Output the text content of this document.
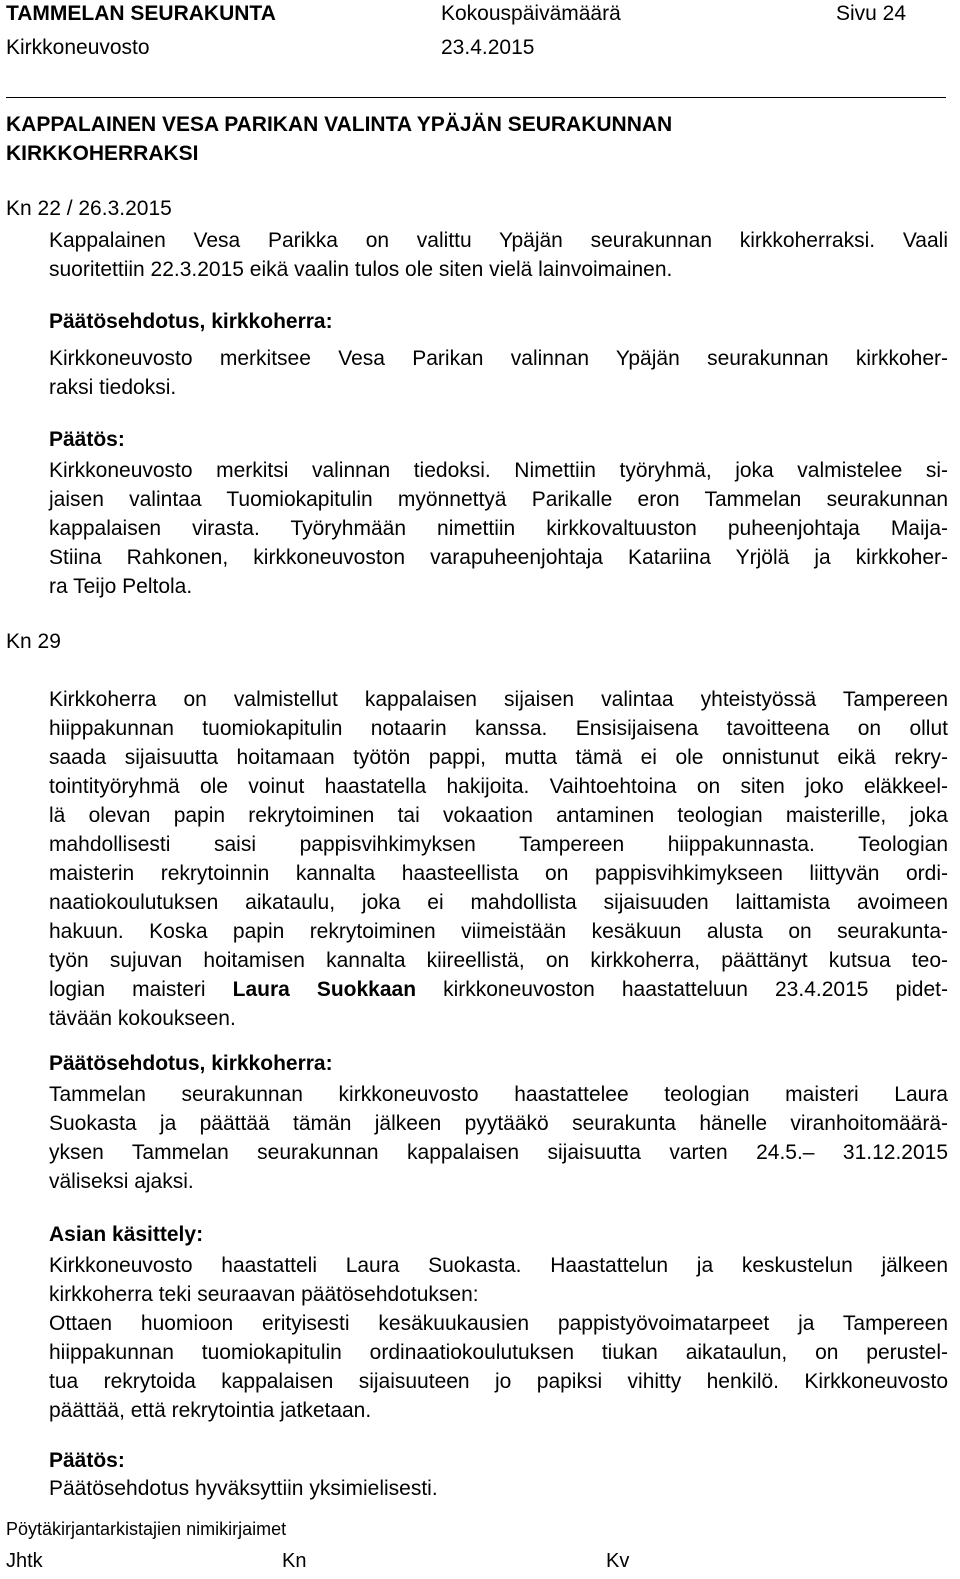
TAMMELAN SEURAKUNTA	Kokouspäivämäärä	Sivu 24
Kirkkoneuvosto	23.4.2015
KAPPALAINEN VESA PARIKAN VALINTA YPÄJÄN SEURAKUNNAN
KIRKKOHERRAKSI
Kn 22 / 26.3.2015
Kappalainen Vesa Parikka on valittu Ypäjän seurakunnan kirkkoherraksi. Vaali
suoritettiin 22.3.2015 eikä vaalin tulos ole siten vielä lainvoimainen.
Päätösehdotus, kirkkoherra:
Kirkkoneuvosto merkitsee Vesa Parikan valinnan Ypäjän seurakunnan kirkkoher-
raksi tiedoksi.
Päätös:
Kirkkoneuvosto merkitsi valinnan tiedoksi. Nimettiin työryhmä, joka valmistelee si-
jaisen valintaa Tuomiokapitulin myönnettyä Parikalle eron Tammelan seurakunnan
kappalaisen virasta. Työryhmään nimettiin kirkkovaltuuston puheenjohtaja Maija-
Stiina Rahkonen, kirkkoneuvoston varapuheenjohtaja Katariina Yrjölä ja kirkkoher-
ra Teijo Peltola.
Kn 29
Kirkkoherra on valmistellut kappalaisen sijaisen valintaa yhteistyössä Tampereen
hiippakunnan tuomiokapitulin notaarin kanssa. Ensisijaisena tavoitteena on ollut
saada sijaisuutta hoitamaan työtön pappi, mutta tämä ei ole onnistunut eikä rekry-
tointityöryhmä ole voinut haastatella hakijoita. Vaihtoehtoina on siten joko eläkkeel-
lä olevan papin rekrytoiminen tai vokaation antaminen teologian maisterille, joka
mahdollisesti saisi pappisvihkimyksen Tampereen hiippakunnasta. Teologian
maisterin rekrytoinnin kannalta haasteellista on pappisvihkimykseen liittyvän ordi-
naatiokoulutuksen aikataulu, joka ei mahdollista sijaisuuden laittamista avoimeen
hakuun. Koska papin rekrytoiminen viimeistään kesäkuun alusta on seurakunta-
työn sujuvan hoitamisen kannalta kiireellistä, on kirkkoherra, päättänyt kutsua teo-
logian maisteri Laura Suokkaan kirkkoneuvoston haastatteluun 23.4.2015 pidet-
tävään kokoukseen.
Päätösehdotus, kirkkoherra:
Tammelan seurakunnan kirkkoneuvosto haastattelee teologian maisteri Laura
Suokasta ja päättää tämän jälkeen pyytääkö seurakunta hänelle viranhoitomäärä-
yksen Tammelan seurakunnan kappalaisen sijaisuutta varten 24.5.– 31.12.2015
väliseksi ajaksi.
Asian käsittely:
Kirkkoneuvosto haastatteli Laura Suokasta. Haastattelun ja keskustelun jälkeen
kirkkoherra teki seuraavan päätösehdotuksen:
Ottaen huomioon erityisesti kesäkuukausien pappistyövoimatarpeet ja Tampereen
hiippakunnan tuomiokapitulin ordinaatiokoulutuksen tiukan aikataulun, on perustel-
tua rekrytoida kappalaisen sijaisuuteen jo papiksi vihitty henkilö. Kirkkoneuvosto
päättää, että rekrytointia jatketaan.
Päätös:
Päätösehdotus hyväksyttiin yksimielisesti.
Pöytäkirjantarkistajien nimikirjaimet
Jhtk	Kn	Kv
